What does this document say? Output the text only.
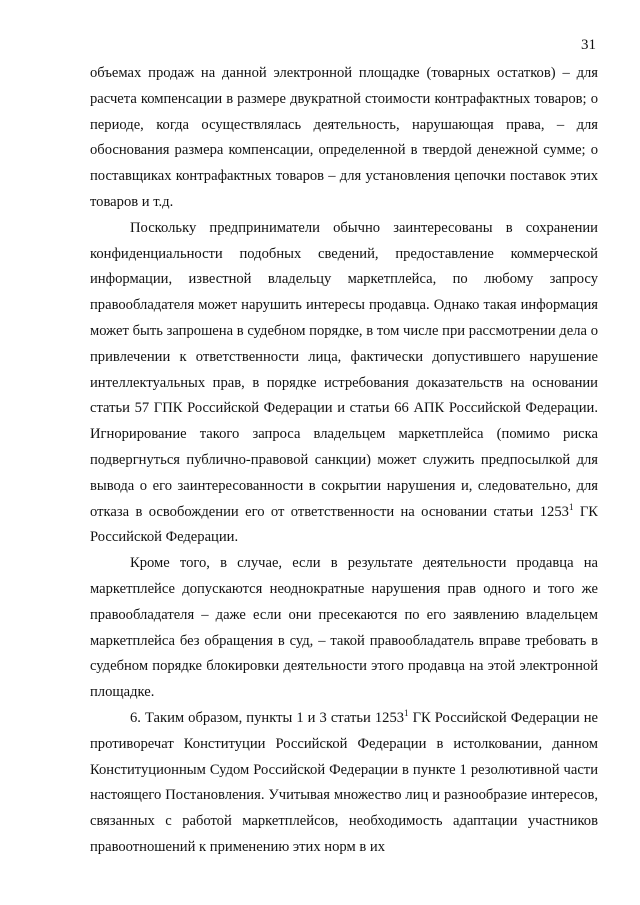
31

объемах продаж на данной электронной площадке (товарных остатков) – для расчета компенсации в размере двукратной стоимости контрафактных товаров; о периоде, когда осуществлялась деятельность, нарушающая права, – для обоснования размера компенсации, определенной в твердой денежной сумме; о поставщиках контрафактных товаров – для установления цепочки поставок этих товаров и т.д.

Поскольку предприниматели обычно заинтересованы в сохранении конфиденциальности подобных сведений, предоставление коммерческой информации, известной владельцу маркетплейса, по любому запросу правообладателя может нарушить интересы продавца. Однако такая информация может быть запрошена в судебном порядке, в том числе при рассмотрении дела о привлечении к ответственности лица, фактически допустившего нарушение интеллектуальных прав, в порядке истребования доказательств на основании статьи 57 ГПК Российской Федерации и статьи 66 АПК Российской Федерации. Игнорирование такого запроса владельцем маркетплейса (помимо риска подвергнуться публично-правовой санкции) может служить предпосылкой для вывода о его заинтересованности в сокрытии нарушения и, следовательно, для отказа в освобождении его от ответственности на основании статьи 1253$^1$ ГК Российской Федерации.

Кроме того, в случае, если в результате деятельности продавца на маркетплейсе допускаются неоднократные нарушения прав одного и того же правообладателя – даже если они пресекаются по его заявлению владельцем маркетплейса без обращения в суд, – такой правообладатель вправе требовать в судебном порядке блокировки деятельности этого продавца на этой электронной площадке.

6. Таким образом, пункты 1 и 3 статьи 1253$^1$ ГК Российской Федерации не противоречат Конституции Российской Федерации в истолковании, данном Конституционным Судом Российской Федерации в пункте 1 резолютивной части настоящего Постановления. Учитывая множество лиц и разнообразие интересов, связанных с работой маркетплейсов, необходимость адаптации участников правоотношений к применению этих норм в их
